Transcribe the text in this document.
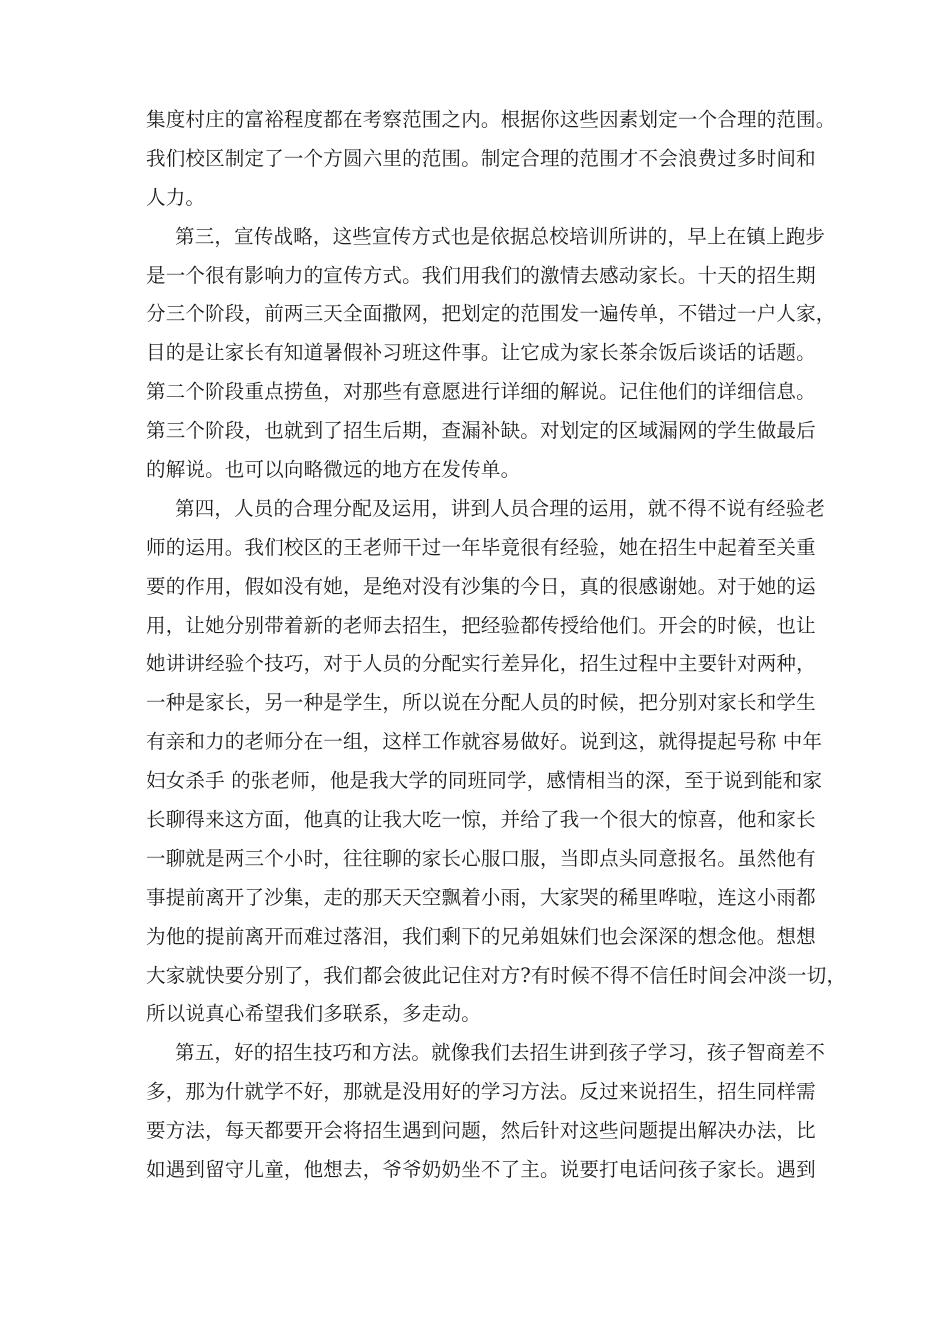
集度村庄的富裕程度都在考察范围之内。根据你这些因素划定一个合理的范围。
我们校区制定了一个方圆六里的范围。制定合理的范围才不会浪费过多时间和
人力。
第三，宣传战略，这些宣传方式也是依据总校培训所讲的，早上在镇上跑步
是一个很有影响力的宣传方式。我们用我们的激情去感动家长。十天的招生期
分三个阶段，前两三天全面撒网，把划定的范围发一遍传单，不错过一户人家，
目的是让家长有知道暑假补习班这件事。让它成为家长茶余饭后谈话的话题。
第二个阶段重点捞鱼，对那些有意愿进行详细的解说。记住他们的详细信息。
第三个阶段，也就到了招生后期，查漏补缺。对划定的区域漏网的学生做最后
的解说。也可以向略微远的地方在发传单。
第四，人员的合理分配及运用，讲到人员合理的运用，就不得不说有经验老
师的运用。我们校区的王老师干过一年毕竟很有经验，她在招生中起着至关重
要的作用，假如没有她，是绝对没有沙集的今日，真的很感谢她。对于她的运
用，让她分别带着新的老师去招生，把经验都传授给他们。开会的时候，也让
她讲讲经验个技巧，对于人员的分配实行差异化，招生过程中主要针对两种，
一种是家长，另一种是学生，所以说在分配人员的时候，把分别对家长和学生
有亲和力的老师分在一组，这样工作就容易做好。说到这，就得提起号称 中年
妇女杀手 的张老师，他是我大学的同班同学，感情相当的深，至于说到能和家
长聊得来这方面，他真的让我大吃一惊，并给了我一个很大的惊喜，他和家长
一聊就是两三个小时，往往聊的家长心服口服，当即点头同意报名。虽然他有
事提前离开了沙集，走的那天天空飘着小雨，大家哭的稀里哗啦，连这小雨都
为他的提前离开而难过落泪，我们剩下的兄弟姐妹们也会深深的想念他。想想
大家就快要分别了，我们都会彼此记住对方?有时候不得不信任时间会冲淡一切，
所以说真心希望我们多联系，多走动。
第五，好的招生技巧和方法。就像我们去招生讲到孩子学习，孩子智商差不
多，那为什就学不好，那就是没用好的学习方法。反过来说招生，招生同样需
要方法，每天都要开会将招生遇到问题，然后针对这些问题提出解决办法，比
如遇到留守儿童，他想去，爷爷奶奶坐不了主。说要打电话问孩子家长。遇到
